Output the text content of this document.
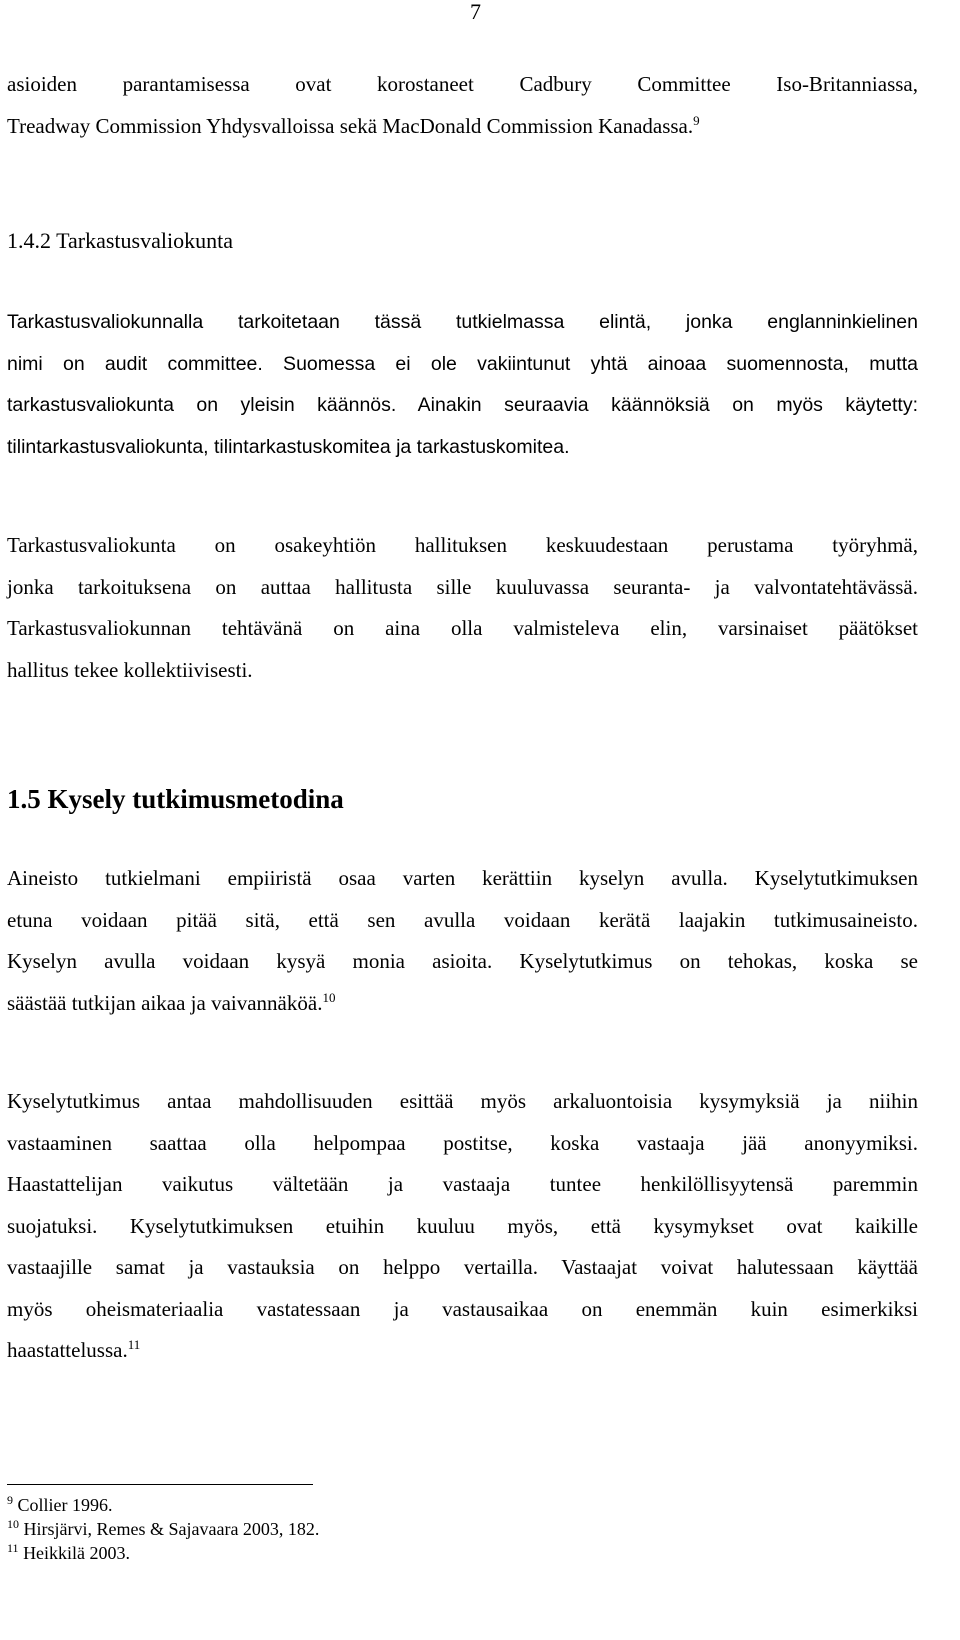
7
asioiden parantamisessa ovat korostaneet Cadbury Committee Iso-Britanniassa,
Treadway Commission Yhdysvalloissa sekä MacDonald Commission Kanadassa.$^9$
1.4.2 Tarkastusvaliokunta
Tarkastusvaliokunnalla tarkoitetaan tässä tutkielmassa elintä, jonka englanninkielinen
nimi on audit committee. Suomessa ei ole vakiintunut yhtä ainoaa suomennosta, mutta
tarkastusvaliokunta on yleisin käännös. Ainakin seuraavia käännöksiä on myös käytetty:
tilintarkastusvaliokunta, tilintarkastuskomitea ja tarkastuskomitea.
Tarkastusvaliokunta on osakeyhtiön hallituksen keskuudestaan perustama työryhmä,
jonka tarkoituksena on auttaa hallitusta sille kuuluvassa seuranta- ja valvontatehtävässä.
Tarkastusvaliokunnan tehtävänä on aina olla valmisteleva elin, varsinaiset päätökset
hallitus tekee kollektiivisesti.
1.5 Kysely tutkimusmetodina
Aineisto tutkielmani empiiristä osaa varten kerättiin kyselyn avulla. Kyselytutkimuksen
etuna voidaan pitää sitä, että sen avulla voidaan kerätä laajakin tutkimusaineisto.
Kyselyn avulla voidaan kysyä monia asioita. Kyselytutkimus on tehokas, koska se
säästää tutkijan aikaa ja vaivannäköä.$^{10}$
Kyselytutkimus antaa mahdollisuuden esittää myös arkaluontoisia kysymyksiä ja niihin
vastaaminen saattaa olla helpompaa postitse, koska vastaaja jää anonyymiksi.
Haastattelijan vaikutus vältetään ja vastaaja tuntee henkilöllisyytensä paremmin
suojatuksi. Kyselytutkimuksen etuihin kuuluu myös, että kysymykset ovat kaikille
vastaajille samat ja vastauksia on helppo vertailla. Vastaajat voivat halutessaan käyttää
myös oheismateriaalia vastatessaan ja vastausaikaa on enemmän kuin esimerkiksi
haastattelussa.$^{11}$
$^9$ Collier 1996.
$^{10}$ Hirsjärvi, Remes & Sajavaara 2003, 182.
$^{11}$ Heikkilä 2003.
